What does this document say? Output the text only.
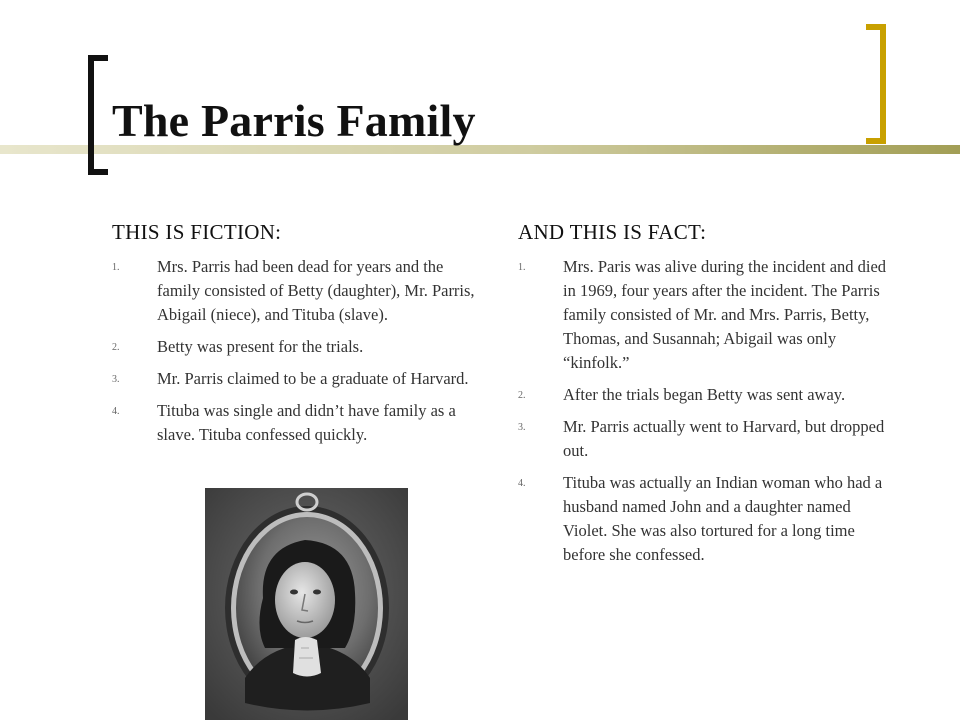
The Parris Family
THIS IS FICTION:
1. Mrs. Parris had been dead for years and the family consisted of Betty (daughter), Mr. Parris, Abigail (niece), and Tituba (slave).
2. Betty was present for the trials.
3. Mr. Parris claimed to be a graduate of Harvard.
4. Tituba was single and didn’t have family as a slave. Tituba confessed quickly.
AND THIS IS FACT:
1. Mrs. Paris was alive during the incident and died in 1969, four years after the incident. The Parris family consisted of Mr. and Mrs. Parris, Betty, Thomas, and Susannah; Abigail was only “kinfolk.”
2. After the trials began Betty was sent away.
3. Mr. Parris actually went to Harvard, but dropped out.
4. Tituba was actually an Indian woman who had a husband named John and a daughter named Violet. She was also tortured for a long time before she confessed.
